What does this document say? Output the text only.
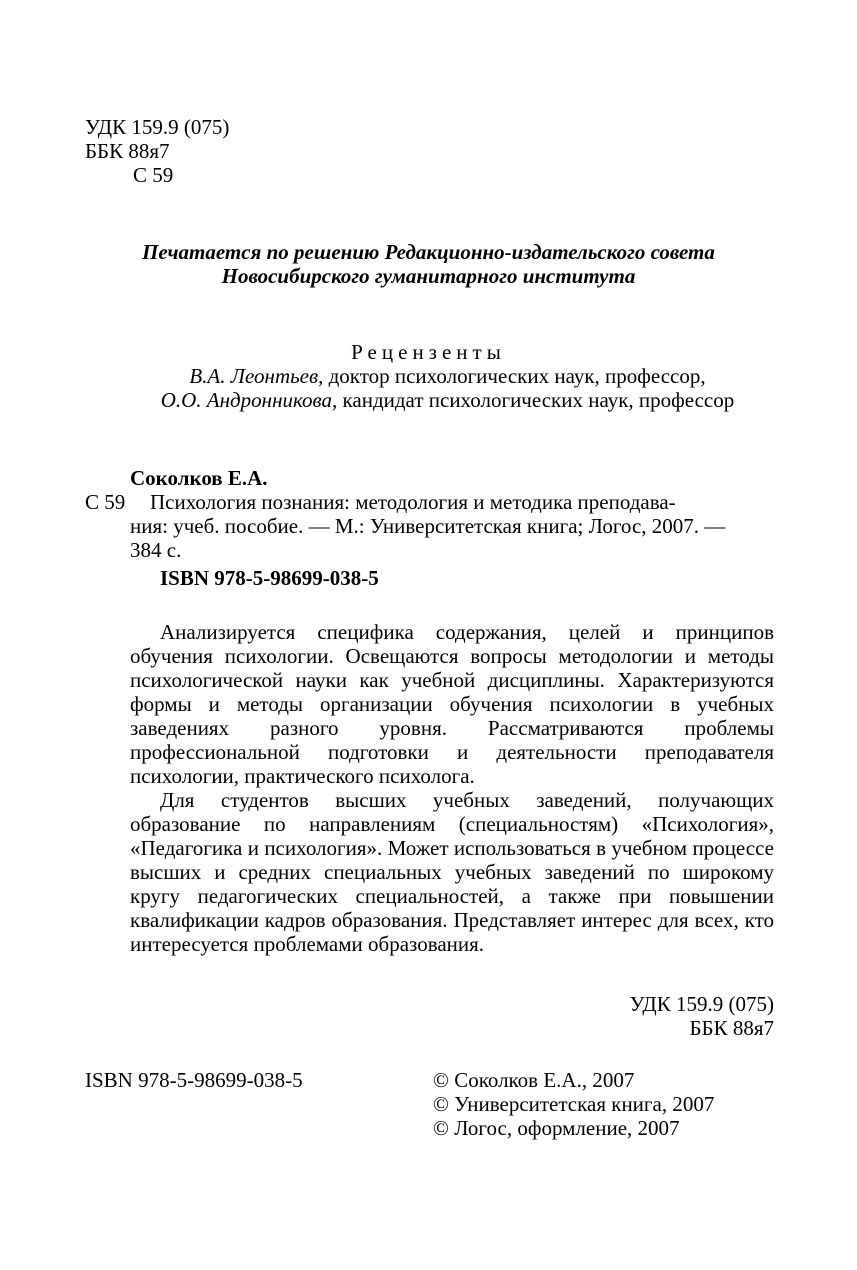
УДК 159.9 (075)
ББК 88я7
С 59
Печатается по решению Редакционно-издательского совета
Новосибирского гуманитарного института
Рецензенты
В.А. Леонтьев, доктор психологических наук, профессор,
О.О. Андронникова, кандидат психологических наук, профессор
Соколков Е.А.
С 59 Психология познания: методология и методика преподава-
ния: учеб. пособие. — М.: Университетская книга; Логос, 2007. —
384 с.
ISBN 978-5-98699-038-5

Анализируется специфика содержания, целей и принципов обучения психологии. Освещаются вопросы методологии и методы психологической науки как учебной дисциплины. Характеризуются формы и методы организации обучения психологии в учебных заведениях разного уровня. Рассматриваются проблемы профессиональной подготовки и деятельности преподавателя психологии, практического психолога.

Для студентов высших учебных заведений, получающих образование по направлениям (специальностям) «Психология», «Педагогика и психология». Может использоваться в учебном процессе высших и средних специальных учебных заведений по широкому кругу педагогических специальностей, а также при повышении квалификации кадров образования. Представляет интерес для всех, кто интересуется проблемами образования.

УДК 159.9 (075)
ББК 88я7
ISBN 978-5-98699-038-5	© Соколков Е.А., 2007
© Университетская книга, 2007
© Логос, оформление, 2007
